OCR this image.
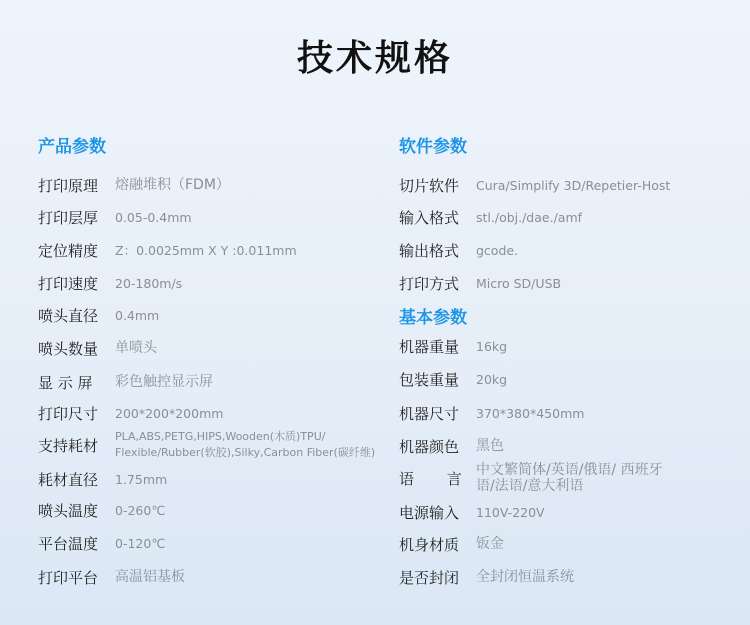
技术规格
产品参数
打印原理	熔融堆积（FDM）
打印层厚	0.05-0.4mm
定位精度	Z：0.0025mm X Y :0.011mm
打印速度	20-180m/s
喷头直径	0.4mm
喷头数量	单喷头
显 示 屏	彩色触控显示屏
打印尺寸	200*200*200mm
支持耗材	PLA,ABS,PETG,HIPS,Wooden(木质)TPU/ Flexible/Rubber(软胶),Silky,Carbon Fiber(碳纤维)
耗材直径	1.75mm
喷头温度	0-260℃
平台温度	0-120℃
打印平台	高温铝基板
软件参数
切片软件	Cura/Simplify 3D/Repetier-Host
输入格式	stl./obj./dae./amf
输出格式	gcode.
打印方式	Micro SD/USB
基本参数
机器重量	16kg
包装重量	20kg
机器尺寸	370*380*450mm
机器颜色	黑色
语 言	中文繁简体/英语/俄语/ 西班牙语/法语/意大利语
电源输入	110V-220V
机身材质	钣金
是否封闭	全封闭恒温系统
